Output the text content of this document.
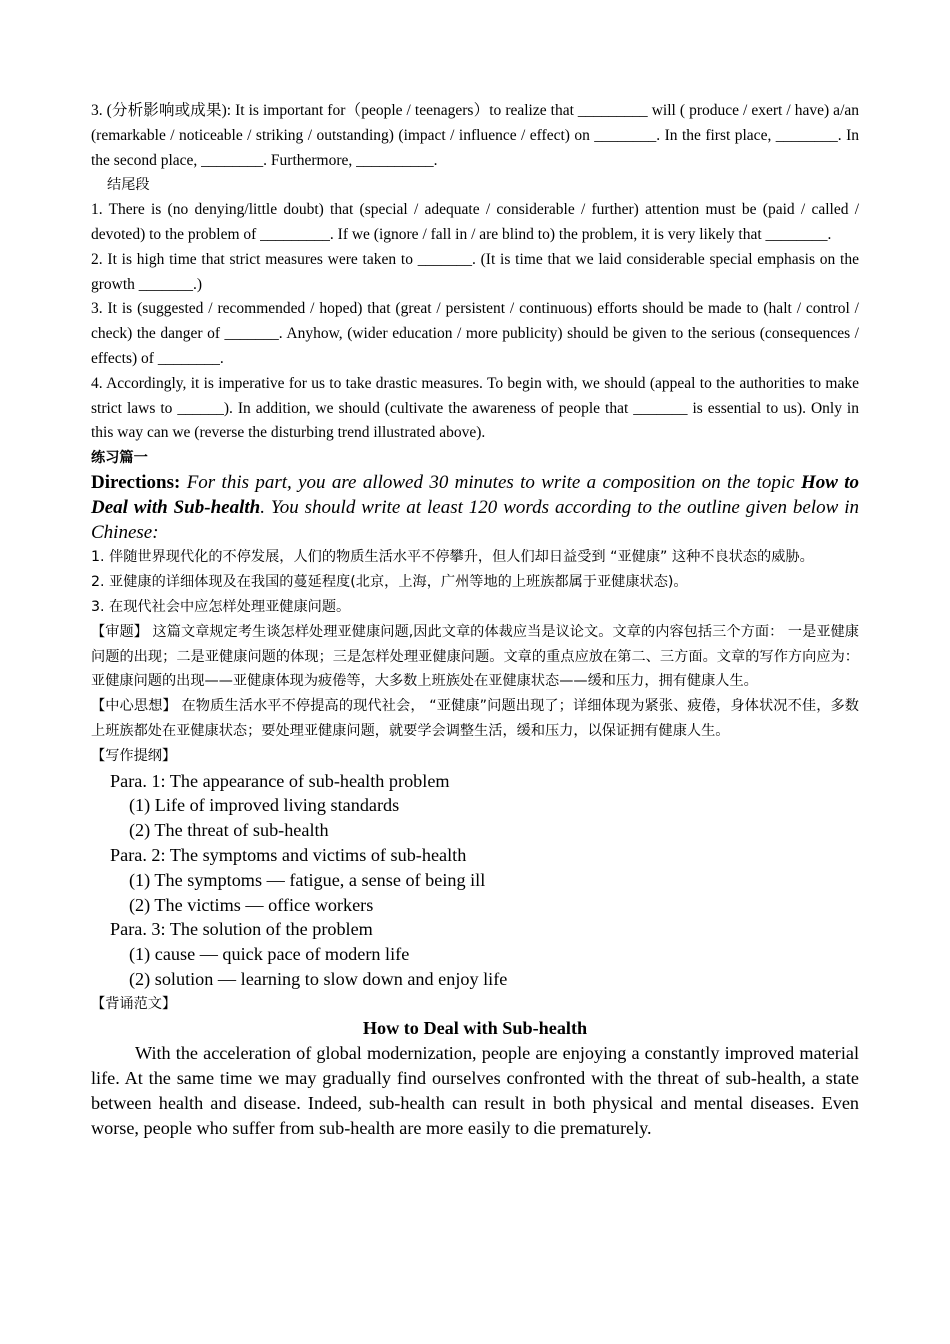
3. (分析影响或成果): It is important for（people / teenagers）to realize that _________ will ( produce / exert / have) a/an (remarkable / noticeable / striking / outstanding) (impact / influence / effect) on ________. In the first place, ________. In the second place, ________. Furthermore, __________.

结尾段

1. There is (no denying/little doubt) that (special / adequate / considerable / further) attention must be (paid / called / devoted) to the problem of _________. If we (ignore / fall in / are blind to) the problem, it is very likely that ________.

2. It is high time that strict measures were taken to _______. (It is time that we laid considerable special emphasis on the growth _______.)

3. It is (suggested / recommended / hoped) that (great / persistent / continuous) efforts should be made to (halt / control / check) the danger of _______. Anyhow, (wider education / more publicity) should be given to the serious (consequences / effects) of ________.

4. Accordingly, it is imperative for us to take drastic measures. To begin with, we should (appeal to the authorities to make strict laws to ______). In addition, we should (cultivate the awareness of people that _______ is essential to us). Only in this way can we (reverse the disturbing trend illustrated above).

练习篇一

Directions: For this part, you are allowed 30 minutes to write a composition on the topic How to Deal with Sub-health. You should write at least 120 words according to the outline given below in Chinese:

1. 伴随世界现代化的不停发展，人们的物质生活水平不停攀升，但人们却日益受到 “亚健康” 这种不良状态的威胁。

2. 亚健康的详细体现及在我国的蔓延程度(北京，上海，广州等地的上班族都属于亚健康状态)。

3. 在现代社会中应怎样处理亚健康问题。

【审题】 这篇文章规定考生谈怎样处理亚健康问题,因此文章的体裁应当是议论文。文章的内容包括三个方面： 一是亚健康问题的出现；二是亚健康问题的体现；三是怎样处理亚健康问题。文章的重点应放在第二、三方面。文章的写作方向应为：亚健康问题的出现——亚健康体现为疲倦等，大多数上班族处在亚健康状态——缓和压力，拥有健康人生。

【中心思想】 在物质生活水平不停提高的现代社会， “亚健康”问题出现了；详细体现为紧张、疲倦，身体状况不佳，多数上班族都处在亚健康状态；要处理亚健康问题，就要学会调整生活，缓和压力，以保证拥有健康人生。

【写作提纲】

Para. 1: The appearance of sub-health problem

(1) Life of improved living standards

(2) The threat of sub-health

Para. 2: The symptoms and victims of sub-health

(1) The symptoms — fatigue, a sense of being ill

(2) The victims — office workers

Para. 3: The solution of the problem

(1) cause — quick pace of modern life

(2) solution — learning to slow down and enjoy life

【背诵范文】

How to Deal with Sub-health

With the acceleration of global modernization, people are enjoying a constantly improved material life. At the same time we may gradually find ourselves confronted with the threat of sub-health, a state between health and disease. Indeed, sub-health can result in both physical and mental diseases. Even worse, people who suffer from sub-health are more easily to die prematurely.
